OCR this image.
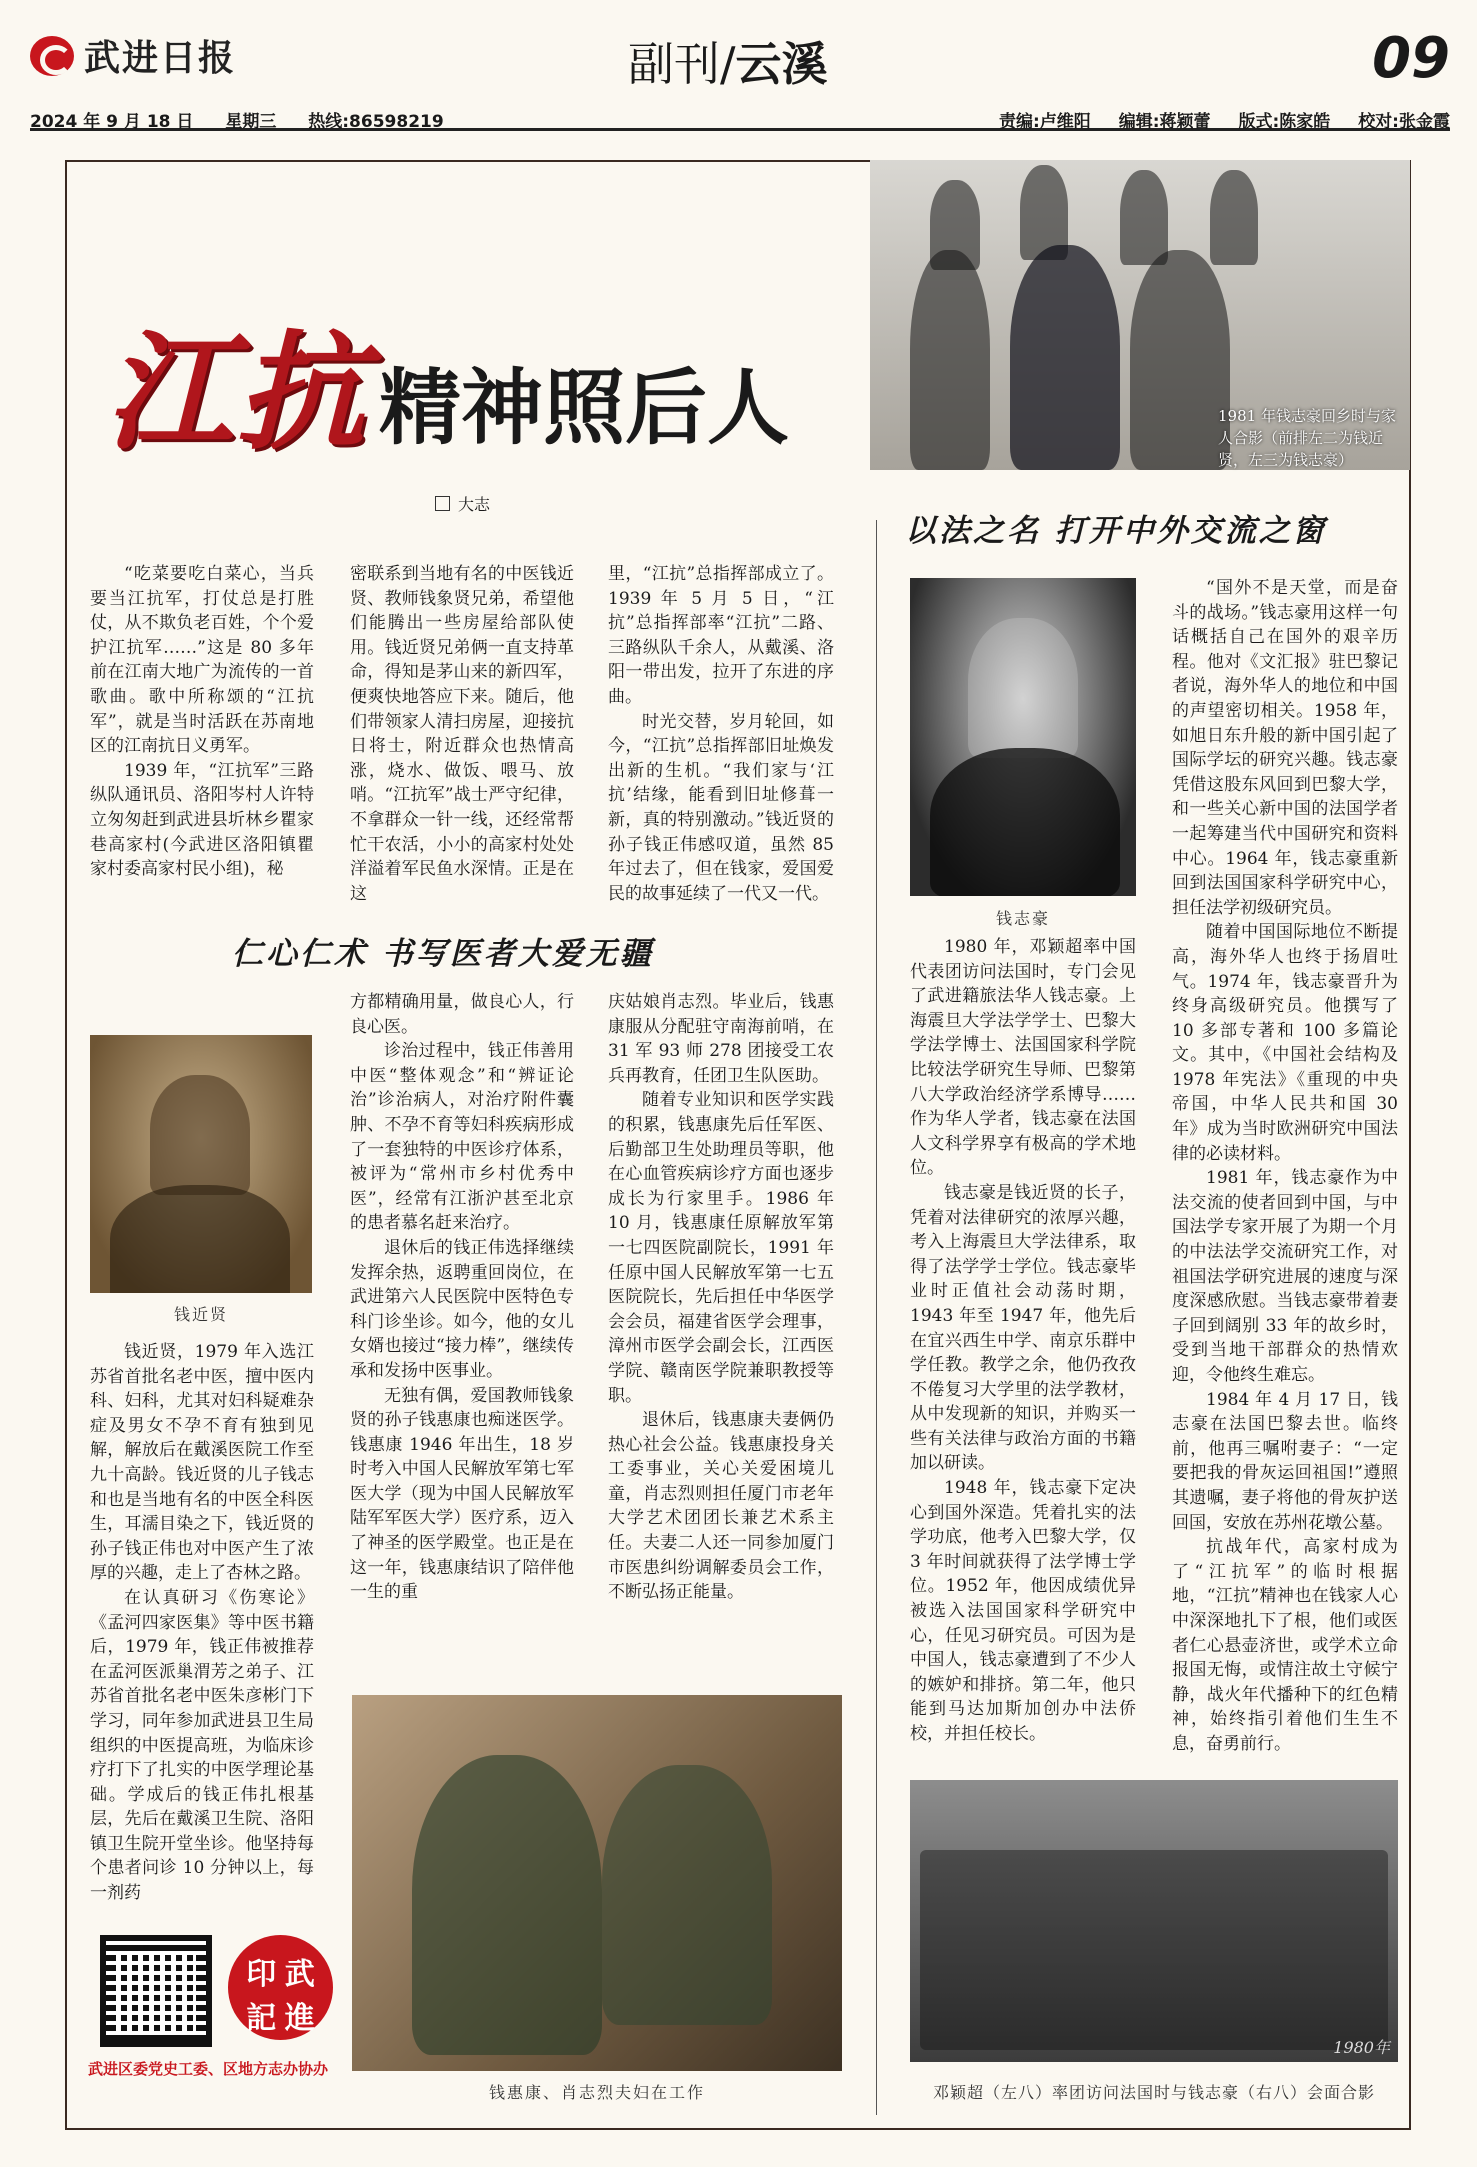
武进日报	副刊/云溪	09
2024 年 9 月 18 日 星期三 热线:86598219	责编:卢维阳 编辑:蒋颖蕾 版式:陈家皓 校对:张金霞
1981 年钱志豪回乡时与家人合影（前排左二为钱近贤，左三为钱志豪）
江抗 精神照后人
大志
以法之名 打开中外交流之窗

“吃菜要吃白菜心，当兵要当江抗军，打仗总是打胜仗，从不欺负老百姓，个个爱护江抗军……”这是 80 多年前在江南大地广为流传的一首歌曲。歌中所称颂的“江抗军”，就是当时活跃在苏南地区的江南抗日义勇军。

1939 年，“江抗军”三路纵队通讯员、洛阳岑村人许特立匆匆赶到武进县圻林乡瞿家巷高家村(今武进区洛阳镇瞿家村委高家村民小组)，秘

密联系到当地有名的中医钱近贤、教师钱象贤兄弟，希望他们能腾出一些房屋给部队使用。钱近贤兄弟俩一直支持革命，得知是茅山来的新四军，便爽快地答应下来。随后，他们带领家人清扫房屋，迎接抗日将士，附近群众也热情高涨，烧水、做饭、喂马、放哨。“江抗军”战士严守纪律，不拿群众一针一线，还经常帮忙干农活，小小的高家村处处洋溢着军民鱼水深情。正是在这

里，“江抗”总指挥部成立了。1939 年 5 月 5 日，“江抗”总指挥部率“江抗”二路、三路纵队千余人，从戴溪、洛阳一带出发，拉开了东进的序曲。

时光交替，岁月轮回，如今，“江抗”总指挥部旧址焕发出新的生机。“我们家与‘江抗’结缘，能看到旧址修葺一新，真的特别激动。”钱近贤的孙子钱正伟感叹道，虽然 85 年过去了，但在钱家，爱国爱民的故事延续了一代又一代。

仁心仁术 书写医者大爱无疆
钱近贤

钱近贤，1979 年入选江苏省首批名老中医，擅中医内科、妇科，尤其对妇科疑难杂症及男女不孕不育有独到见解，解放后在戴溪医院工作至九十高龄。钱近贤的儿子钱志和也是当地有名的中医全科医生，耳濡目染之下，钱近贤的孙子钱正伟也对中医产生了浓厚的兴趣，走上了杏林之路。

在认真研习《伤寒论》《孟河四家医集》等中医书籍后，1979 年，钱正伟被推荐在孟河医派巢渭芳之弟子、江苏省首批名老中医朱彦彬门下学习，同年参加武进县卫生局组织的中医提高班，为临床诊疗打下了扎实的中医学理论基础。学成后的钱正伟扎根基层，先后在戴溪卫生院、洛阳镇卫生院开堂坐诊。他坚持每个患者问诊 10 分钟以上，每一剂药

方都精确用量，做良心人，行良心医。

诊治过程中，钱正伟善用中医“整体观念”和“辨证论治”诊治病人，对治疗附件囊肿、不孕不育等妇科疾病形成了一套独特的中医诊疗体系，被评为“常州市乡村优秀中医”，经常有江浙沪甚至北京的患者慕名赶来治疗。

退休后的钱正伟选择继续发挥余热，返聘重回岗位，在武进第六人民医院中医特色专科门诊坐诊。如今，他的女儿女婿也接过“接力棒”，继续传承和发扬中医事业。

无独有偶，爱国教师钱象贤的孙子钱惠康也痴迷医学。钱惠康 1946 年出生，18 岁时考入中国人民解放军第七军医大学（现为中国人民解放军陆军军医大学）医疗系，迈入了神圣的医学殿堂。也正是在这一年，钱惠康结识了陪伴他一生的重

庆姑娘肖志烈。毕业后，钱惠康服从分配驻守南海前哨，在 31 军 93 师 278 团接受工农兵再教育，任团卫生队医助。

随着专业知识和医学实践的积累，钱惠康先后任军医、后勤部卫生处助理员等职，他在心血管疾病诊疗方面也逐步成长为行家里手。1986 年 10 月，钱惠康任原解放军第一七四医院副院长，1991 年任原中国人民解放军第一七五医院院长，先后担任中华医学会会员，福建省医学会理事，漳州市医学会副会长，江西医学院、赣南医学院兼职教授等职。

退休后，钱惠康夫妻俩仍热心社会公益。钱惠康投身关工委事业，关心关爱困境儿童，肖志烈则担任厦门市老年大学艺术团团长兼艺术系主任。夫妻二人还一同参加厦门市医患纠纷调解委员会工作，不断弘扬正能量。

钱惠康、肖志烈夫妇在工作
印 武
記 進
武进区委党史工委、区地方志办协办
钱志豪

1980 年，邓颖超率中国代表团访问法国时，专门会见了武进籍旅法华人钱志豪。上海震旦大学法学学士、巴黎大学法学博士、法国国家科学院比较法学研究生导师、巴黎第八大学政治经济学系博导……作为华人学者，钱志豪在法国人文科学界享有极高的学术地位。

钱志豪是钱近贤的长子，凭着对法律研究的浓厚兴趣，考入上海震旦大学法律系，取得了法学学士学位。钱志豪毕业时正值社会动荡时期，1943 年至 1947 年，他先后在宜兴西生中学、南京乐群中学任教。教学之余，他仍孜孜不倦复习大学里的法学教材，从中发现新的知识，并购买一些有关法律与政治方面的书籍加以研读。

1948 年，钱志豪下定决心到国外深造。凭着扎实的法学功底，他考入巴黎大学，仅 3 年时间就获得了法学博士学位。1952 年，他因成绩优异被选入法国国家科学研究中心，任见习研究员。可因为是中国人，钱志豪遭到了不少人的嫉妒和排挤。第二年，他只能到马达加斯加创办中法侨校，并担任校长。

“国外不是天堂，而是奋斗的战场。”钱志豪用这样一句话概括自己在国外的艰辛历程。他对《文汇报》驻巴黎记者说，海外华人的地位和中国的声望密切相关。1958 年，如旭日东升般的新中国引起了国际学坛的研究兴趣。钱志豪凭借这股东风回到巴黎大学，和一些关心新中国的法国学者一起筹建当代中国研究和资料中心。1964 年，钱志豪重新回到法国国家科学研究中心，担任法学初级研究员。

随着中国国际地位不断提高，海外华人也终于扬眉吐气。1974 年，钱志豪晋升为终身高级研究员。他撰写了 10 多部专著和 100 多篇论文。其中，《中国社会结构及 1978 年宪法》《重现的中央帝国，中华人民共和国 30 年》成为当时欧洲研究中国法律的必读材料。

1981 年，钱志豪作为中法交流的使者回到中国，与中国法学专家开展了为期一个月的中法法学交流研究工作，对祖国法学研究进展的速度与深度深感欣慰。当钱志豪带着妻子回到阔别 33 年的故乡时，受到当地干部群众的热情欢迎，令他终生难忘。

1984 年 4 月 17 日，钱志豪在法国巴黎去世。临终前，他再三嘱咐妻子：“一定要把我的骨灰运回祖国!”遵照其遗嘱，妻子将他的骨灰护送回国，安放在苏州花墩公墓。

抗战年代，高家村成为了“江抗军”的临时根据地，“江抗”精神也在钱家人心中深深地扎下了根，他们或医者仁心悬壶济世，或学术立命报国无悔，或情注故土守候宁静，战火年代播种下的红色精神，始终指引着他们生生不息，奋勇前行。

1980年
邓颖超（左八）率团访问法国时与钱志豪（右八）会面合影
